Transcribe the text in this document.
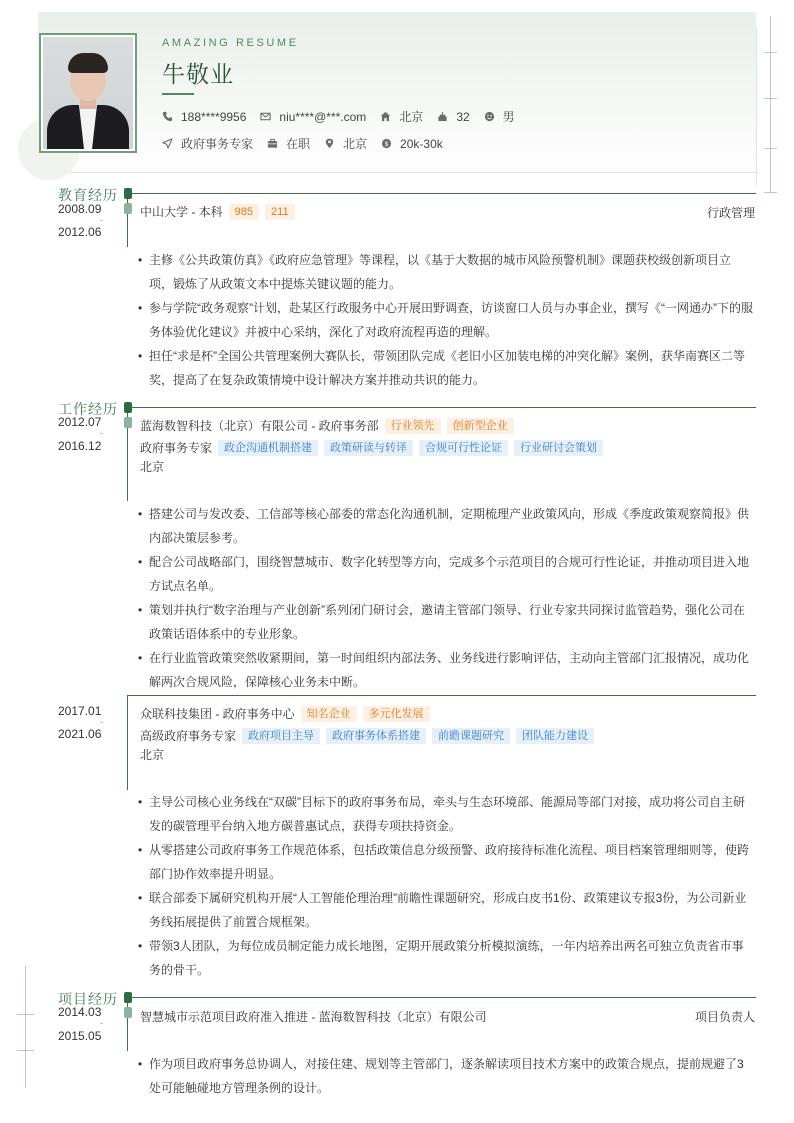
AMAZING RESUME
牛敬业
188****9956	niu****@***.com	北京	32	男
政府事务专家	在职	北京	$ 20k-30k
教育经历
2008.09
-
2012.06
中山大学 - 本科	985	211	行政管理
• 主修《公共政策仿真》《政府应急管理》等课程，以《基于大数据的城市风险预警机制》课题获校级创新项目立项，锻炼了从政策文本中提炼关键议题的能力。
• 参与学院“政务观察”计划，赴某区行政服务中心开展田野调查，访谈窗口人员与办事企业，撰写《“一网通办”下的服务体验优化建议》并被中心采纳，深化了对政府流程再造的理解。
• 担任“求是杯”全国公共管理案例大赛队长，带领团队完成《老旧小区加装电梯的冲突化解》案例，获华南赛区二等奖，提高了在复杂政策情境中设计解决方案并推动共识的能力。
工作经历
2012.07
-
2016.12
蓝海数智科技（北京）有限公司 - 政府事务部	行业领先	创新型企业
政府事务专家	政企沟通机制搭建	政策研读与转译	合规可行性论证	行业研讨会策划
北京
• 搭建公司与发改委、工信部等核心部委的常态化沟通机制，定期梳理产业政策风向，形成《季度政策观察简报》供内部决策层参考。
• 配合公司战略部门，围绕智慧城市、数字化转型等方向，完成多个示范项目的合规可行性论证，并推动项目进入地方试点名单。
• 策划并执行“数字治理与产业创新”系列闭门研讨会，邀请主管部门领导、行业专家共同探讨监管趋势，强化公司在政策话语体系中的专业形象。
• 在行业监管政策突然收紧期间，第一时间组织内部法务、业务线进行影响评估，主动向主管部门汇报情况，成功化解两次合规风险，保障核心业务未中断。
2017.01
-
2021.06
众联科技集团 - 政府事务中心	知名企业	多元化发展
高级政府事务专家	政府项目主导	政府事务体系搭建	前瞻课题研究	团队能力建设
北京
• 主导公司核心业务线在“双碳”目标下的政府事务布局，牵头与生态环境部、能源局等部门对接，成功将公司自主研发的碳管理平台纳入地方碳普惠试点，获得专项扶持资金。
• 从零搭建公司政府事务工作规范体系，包括政策信息分级预警、政府接待标准化流程、项目档案管理细则等，使跨部门协作效率提升明显。
• 联合部委下属研究机构开展“人工智能伦理治理”前瞻性课题研究，形成白皮书1份、政策建议专报3份，为公司新业务线拓展提供了前置合规框架。
• 带领3人团队，为每位成员制定能力成长地图，定期开展政策分析模拟演练，一年内培养出两名可独立负责省市事务的骨干。
项目经历
2014.03
-
2015.05
智慧城市示范项目政府准入推进 - 蓝海数智科技（北京）有限公司	项目负责人
• 作为项目政府事务总协调人，对接住建、规划等主管部门，逐条解读项目技术方案中的政策合规点，提前规避了3处可能触碰地方管理条例的设计。
